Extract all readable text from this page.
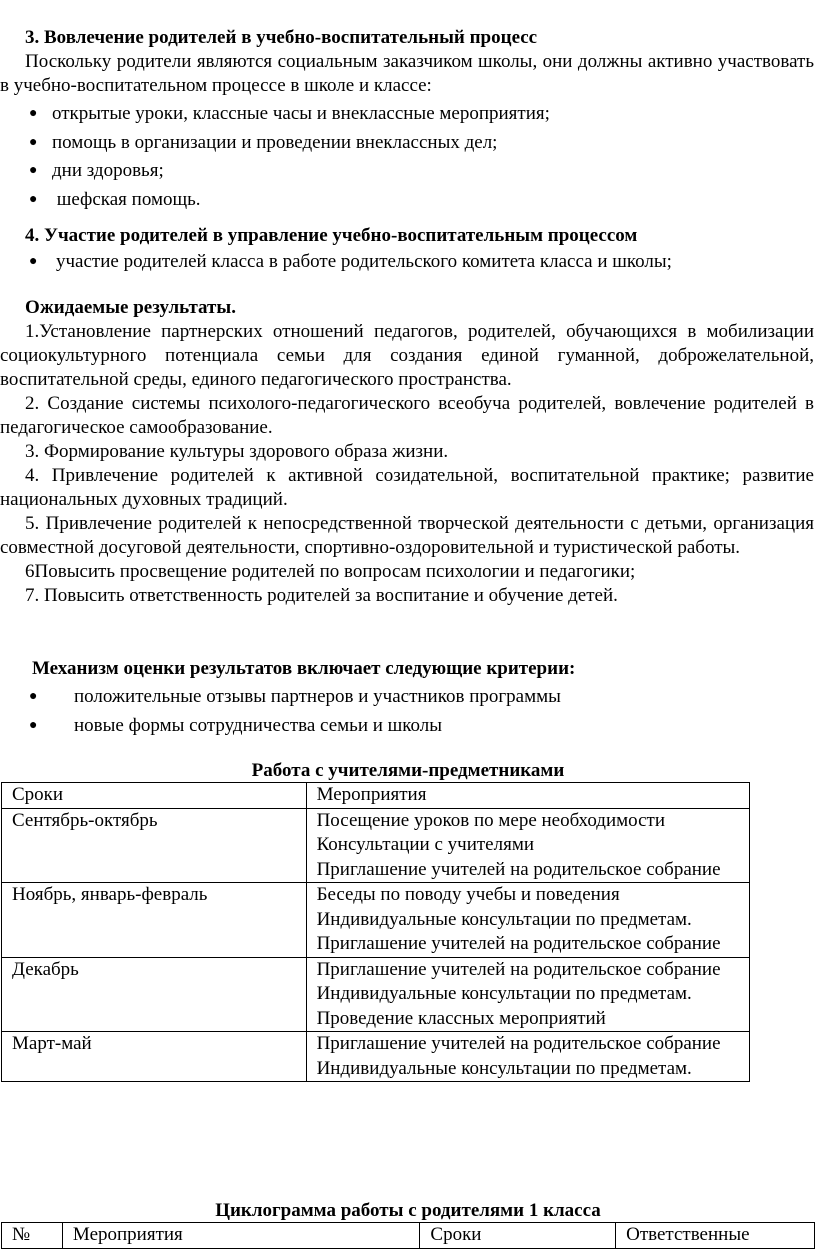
3. Вовлечение родителей в учебно-воспитательный процесс

Поскольку родители являются социальным заказчиком школы, они должны активно участвовать в учебно-воспитательном процессе в школе и классе:

● открытые уроки, классные часы и внеклассные мероприятия;
● помощь в организации и проведении внеклассных дел;
● дни здоровья;
● шефская помощь.
4. Участие родителей в управление учебно-воспитательным процессом
● участие родителей класса в работе родительского комитета класса и школы;
Ожидаемые результаты.

1.Установление партнерских отношений педагогов, родителей, обучающихся в мобилизации социокультурного потенциала семьи для создания единой гуманной, доброжелательной, воспитательной среды, единого педагогического пространства.

2. Создание системы психолого-педагогического всеобуча родителей, вовлечение родителей в педагогическое самообразование.

3. Формирование культуры здорового образа жизни.

4. Привлечение родителей к активной созидательной, воспитательной практике; развитие национальных духовных традиций.

5. Привлечение родителей к непосредственной творческой деятельности с детьми, организация совместной досуговой деятельности, спортивно-оздоровительной и туристической работы.

6Повысить просвещение родителей по вопросам психологии и педагогики;

7. Повысить ответственность родителей за воспитание и обучение детей.

Механизм оценки результатов включает следующие критерии:
● положительные отзывы партнеров и участников программы
● новые формы сотрудничества семьи и школы
Работа с учителями-предметниками
Сроки	Мероприятия
Сентябрь-октябрь	Посещение уроков по мере необходимости
Консультации с учителями
Приглашение учителей на родительское собрание

Ноябрь, январь-февраль	Беседы по поводу учебы и поведения
Индивидуальные консультации по предметам.
Приглашение учителей на родительское собрание

Декабрь	Приглашение учителей на родительское собрание
Индивидуальные консультации по предметам.
Проведение классных мероприятий

Март-май	Приглашение учителей на родительское собрание
Индивидуальные консультации по предметам.
Циклограмма работы с родителями 1 класса
№	Мероприятия	Сроки	Ответственные
